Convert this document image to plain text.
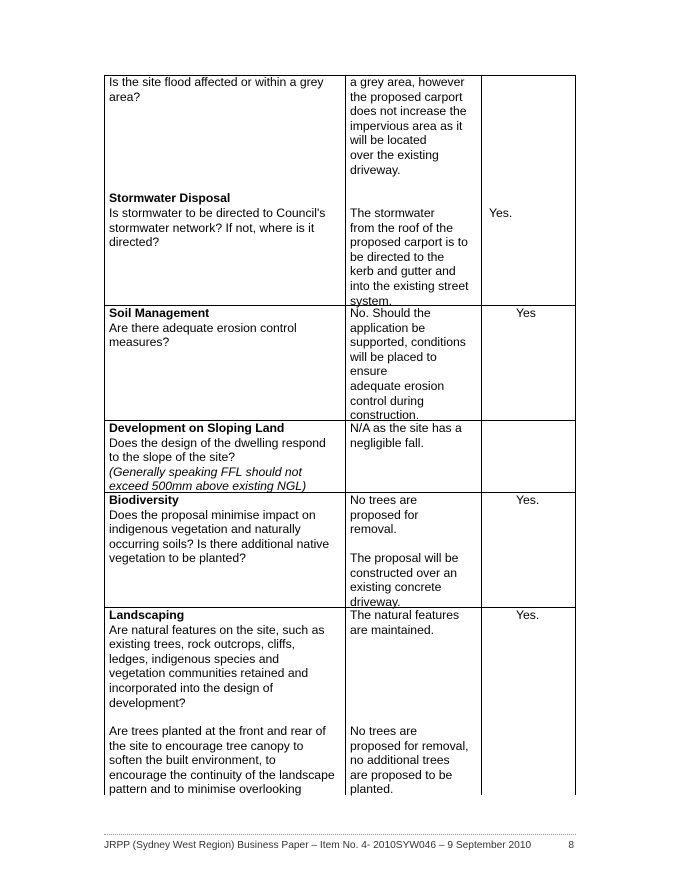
Is the site flood affected or within a grey area?
Stormwater Disposal
Is stormwater to be directed to Council's
stormwater network? If not, where is it
directed?
a grey area, however
the proposed carport
does not increase the
impervious area as it
will be located
over the existing
driveway.
The stormwater
from the roof of the
proposed carport is to
be directed to the
kerb and gutter and
into the existing street
system.
Yes.
Soil Management
Are there adequate erosion control
measures?
No. Should the
application be
supported, conditions
will be placed to
ensure
adequate erosion
control during
construction.
Yes
Development on Sloping Land
Does the design of the dwelling respond
to the slope of the site?
(Generally speaking FFL should not
exceed 500mm above existing NGL)
N/A as the site has a
negligible fall.
Biodiversity
Does the proposal minimise impact on
indigenous vegetation and naturally
occurring soils? Is there additional native
vegetation to be planted?
No trees are
proposed for
removal.
The proposal will be
constructed over an
existing concrete
driveway.
Yes.
Landscaping
Are natural features on the site, such as
existing trees, rock outcrops, cliffs,
ledges, indigenous species and
vegetation communities retained and
incorporated into the design of
development?
Are trees planted at the front and rear of
the site to encourage tree canopy to
soften the built environment, to
encourage the continuity of the landscape
pattern and to minimise overlooking
The natural features
are maintained.
No trees are
proposed for removal,
no additional trees
are proposed to be
planted.
Yes.
JRPP (Sydney West Region) Business Paper – Item No. 4- 2010SYW046 – 9 September 2010	8
